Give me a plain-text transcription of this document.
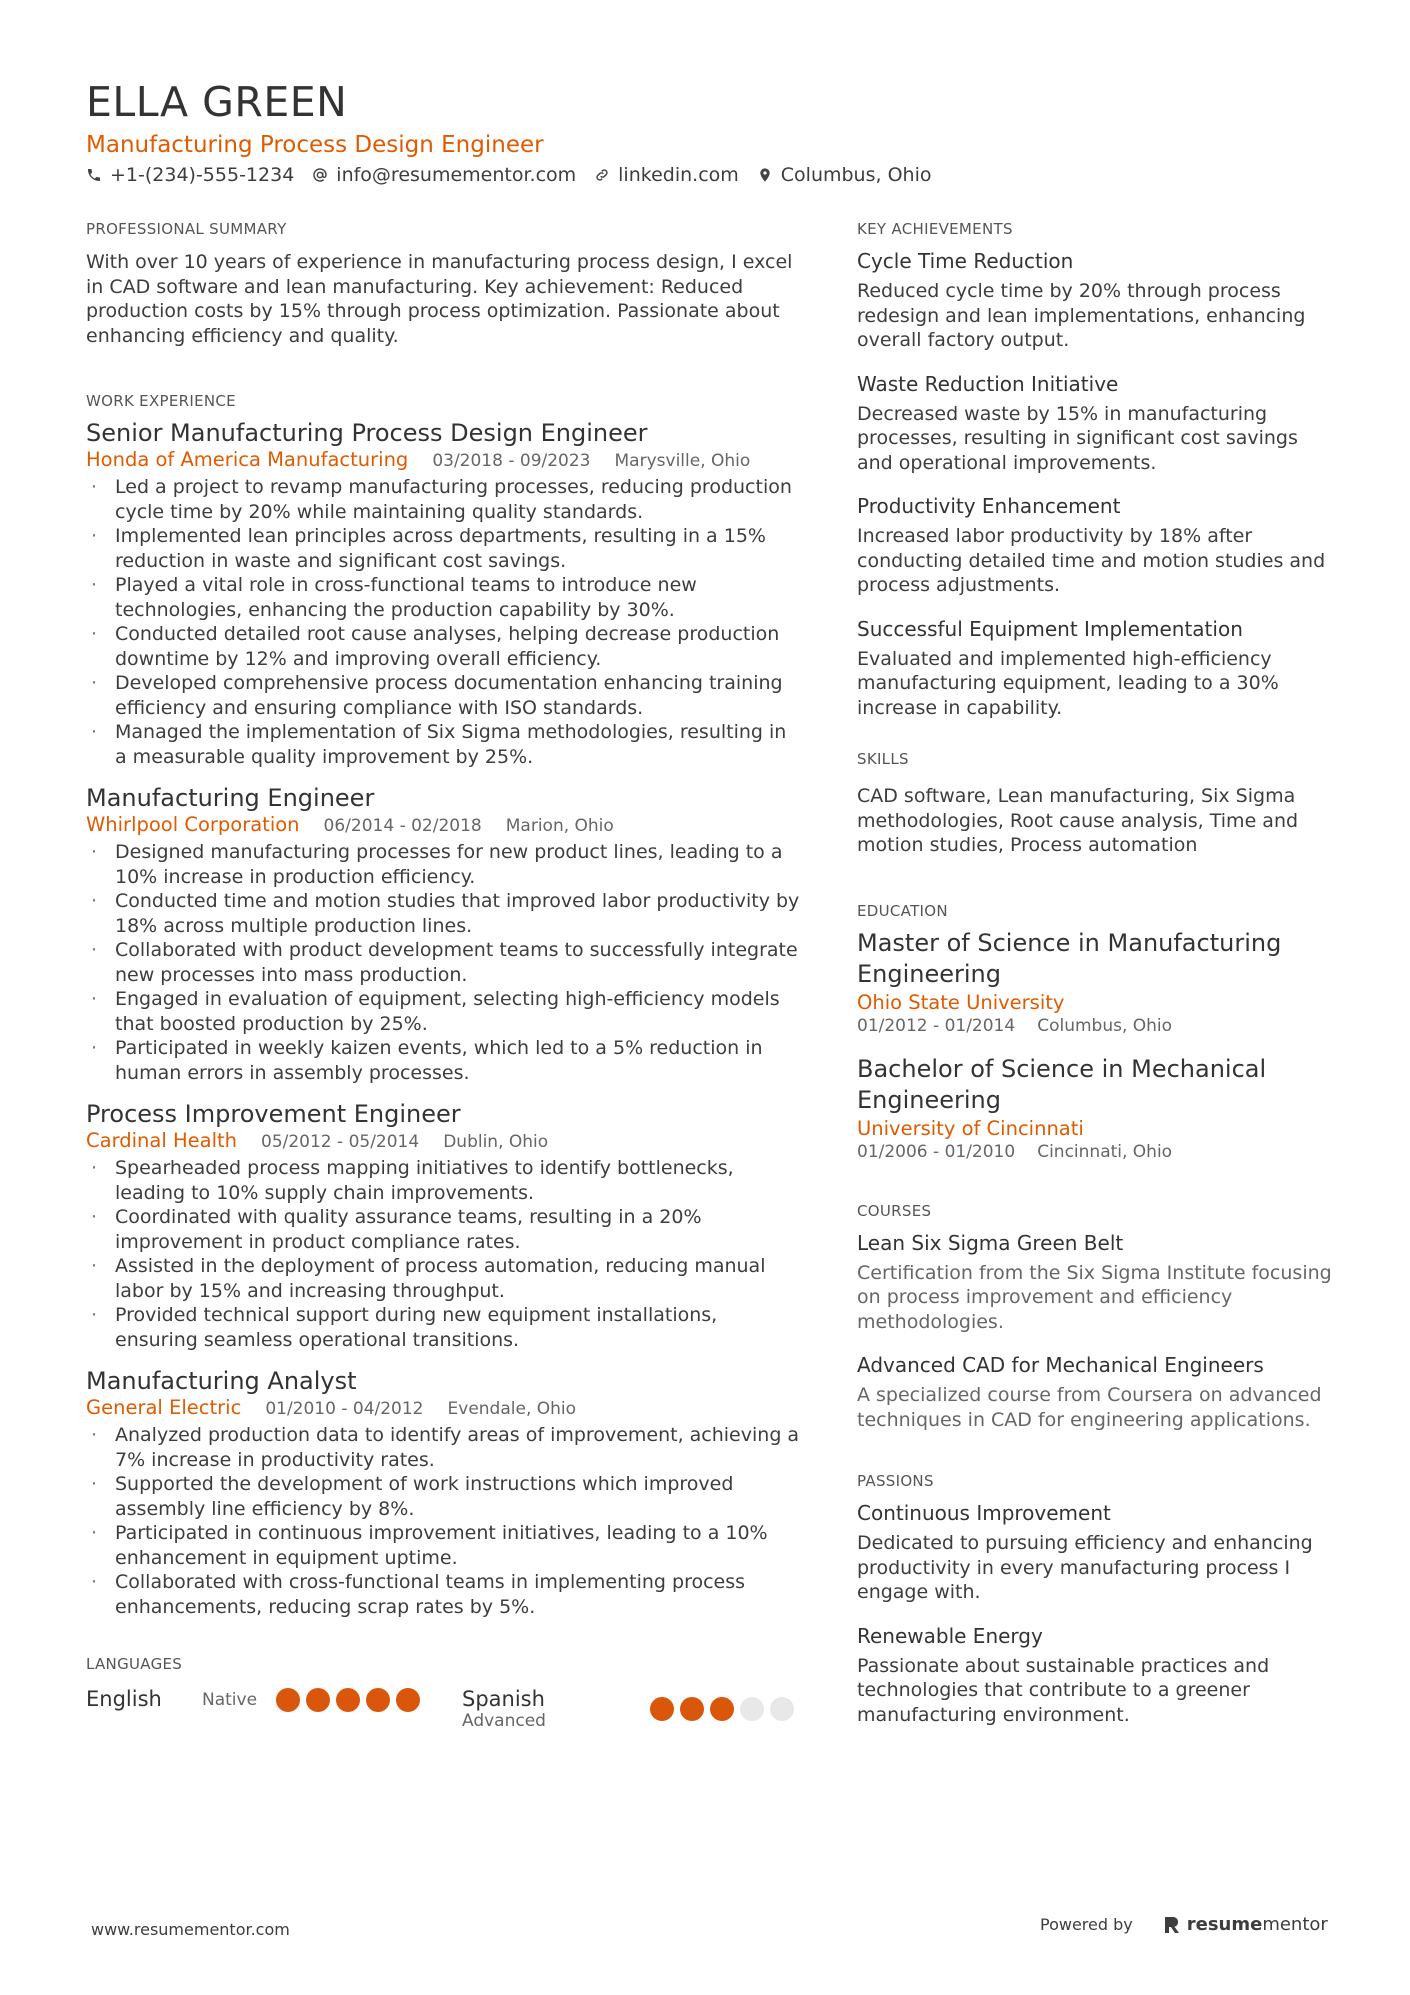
ELLA GREEN
Manufacturing Process Design Engineer
+1-(234)-555-1234 info@resumementor.com linkedin.com Columbus, Ohio
PROFESSIONAL SUMMARY

With over 10 years of experience in manufacturing process design, I excel in CAD software and lean manufacturing. Key achievement: Reduced production costs by 15% through process optimization. Passionate about enhancing efficiency and quality.

WORK EXPERIENCE
Senior Manufacturing Process Design Engineer
Honda of America Manufacturing 03/2018 - 09/2023 Marysville, Ohio
· Led a project to revamp manufacturing processes, reducing production cycle time by 20% while maintaining quality standards.
· Implemented lean principles across departments, resulting in a 15% reduction in waste and significant cost savings.
· Played a vital role in cross-functional teams to introduce new technologies, enhancing the production capability by 30%.
· Conducted detailed root cause analyses, helping decrease production downtime by 12% and improving overall efficiency.
· Developed comprehensive process documentation enhancing training efficiency and ensuring compliance with ISO standards.
· Managed the implementation of Six Sigma methodologies, resulting in a measurable quality improvement by 25%.
Manufacturing Engineer
Whirlpool Corporation 06/2014 - 02/2018 Marion, Ohio
· Designed manufacturing processes for new product lines, leading to a 10% increase in production efficiency.
· Conducted time and motion studies that improved labor productivity by 18% across multiple production lines.
· Collaborated with product development teams to successfully integrate new processes into mass production.
· Engaged in evaluation of equipment, selecting high-efficiency models that boosted production by 25%.
· Participated in weekly kaizen events, which led to a 5% reduction in human errors in assembly processes.
Process Improvement Engineer
Cardinal Health 05/2012 - 05/2014 Dublin, Ohio
· Spearheaded process mapping initiatives to identify bottlenecks, leading to 10% supply chain improvements.
· Coordinated with quality assurance teams, resulting in a 20% improvement in product compliance rates.
· Assisted in the deployment of process automation, reducing manual labor by 15% and increasing throughput.
· Provided technical support during new equipment installations, ensuring seamless operational transitions.
Manufacturing Analyst
General Electric 01/2010 - 04/2012 Evendale, Ohio
· Analyzed production data to identify areas of improvement, achieving a 7% increase in productivity rates.
· Supported the development of work instructions which improved assembly line efficiency by 8%.
· Participated in continuous improvement initiatives, leading to a 10% enhancement in equipment uptime.
· Collaborated with cross-functional teams in implementing process enhancements, reducing scrap rates by 5%.
LANGUAGES
English	Native	Spanish
Advanced
KEY ACHIEVEMENTS
Cycle Time Reduction
Reduced cycle time by 20% through process redesign and lean implementations, enhancing overall factory output.
Waste Reduction Initiative
Decreased waste by 15% in manufacturing processes, resulting in significant cost savings and operational improvements.
Productivity Enhancement
Increased labor productivity by 18% after conducting detailed time and motion studies and process adjustments.
Successful Equipment Implementation
Evaluated and implemented high-efficiency manufacturing equipment, leading to a 30% increase in capability.
SKILLS

CAD software, Lean manufacturing, Six Sigma methodologies, Root cause analysis, Time and motion studies, Process automation

EDUCATION
Master of Science in Manufacturing Engineering
Ohio State University
01/2012 - 01/2014 Columbus, Ohio
Bachelor of Science in Mechanical Engineering
University of Cincinnati
01/2006 - 01/2010 Cincinnati, Ohio
COURSES
Lean Six Sigma Green Belt
Certification from the Six Sigma Institute focusing on process improvement and efficiency methodologies.
Advanced CAD for Mechanical Engineers
A specialized course from Coursera on advanced techniques in CAD for engineering applications.
PASSIONS
Continuous Improvement
Dedicated to pursuing efficiency and enhancing productivity in every manufacturing process I engage with.
Renewable Energy
Passionate about sustainable practices and technologies that contribute to a greener manufacturing environment.
www.resumementor.com	Powered by	resumementor
